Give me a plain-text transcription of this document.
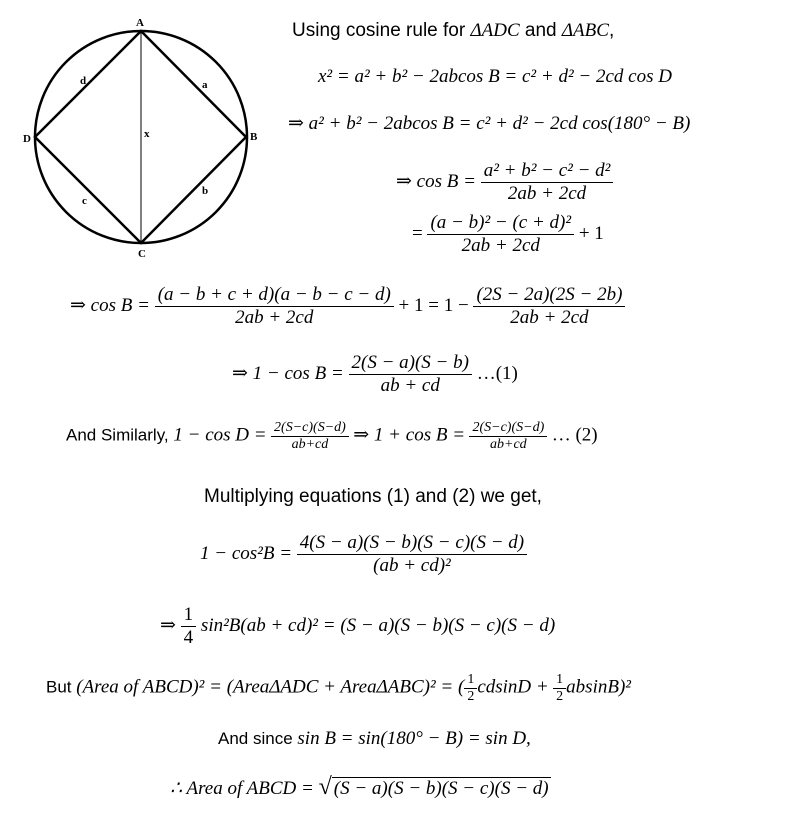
A
B
C
D
a
b
c
d
x
Using cosine rule for ΔADC and ΔABC,
x² = a² + b² − 2abcos B = c² + d² − 2cd cos D
⇒ a² + b² − 2abcos B = c² + d² − 2cd cos(180° − B)
⇒ $\cos B = \frac{\text{a² + b² − c² − d²}}{2ab + 2cd}$
= $\frac{\text{(a − b)² − (c + d)²}}{2ab + 2cd} + 1$
⇒ $\cos B = \frac{(a - b + c + d)(a - b - c - d)}{2ab + 2cd} + 1 = 1 - \frac{(2S - 2a)(2S - 2b)}{2ab + 2cd}$
⇒ $1 - \cos B = \frac{2(S - a)(S - b)}{ab + cd}$ …(1)
And Similarly, $1 - \cos D = \frac{2(S-c)(S-d)}{ab+cd}$ ⇒ $1 + \cos B = \frac{2(S-c)(S-d)}{ab+cd}$ … (2)
Multiplying equations (1) and (2) we get,
$1 - \cos^2B = \frac{4(S - a)(S - b)(S - c)(S - d)}{\text{(ab + cd)²}}$
⇒ $\frac{1}{4} \sin^2B(ab + cd)^2 = (S - a)(S - b)(S - c)(S - d)$
But (Area of ABCD)² = (AreaΔADC + AreaΔABC)² = ( $\frac{1}{2}$ $cdsinD + \frac{1}{2} absinB)^2$
And since sin B = sin(180° − B) = sin D,
∴ Area of ABCD = √ (S − a)(S − b)(S − c)(S − d)
